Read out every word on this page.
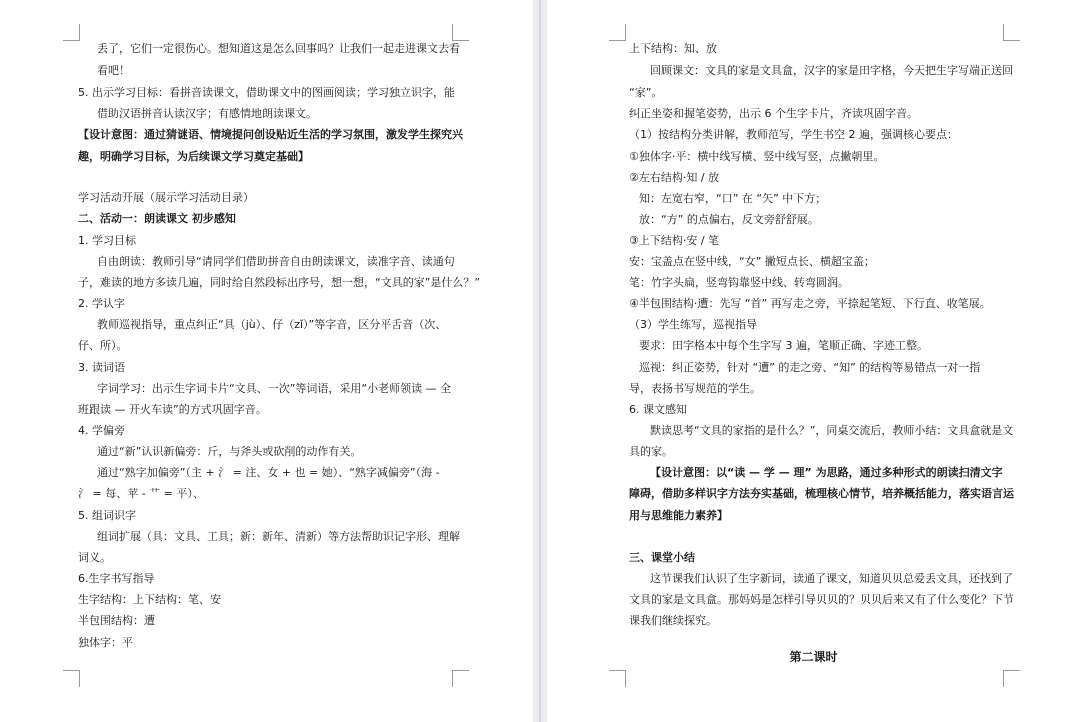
丢了，它们一定很伤心。想知道这是怎么回事吗？让我们一起走进课文去看
看吧！
5. 出示学习目标：看拼音读课文，借助课文中的图画阅读；学习独立识字，能
借助汉语拼音认读汉字；有感情地朗读课文。
【设计意图：通过猜谜语、情境提问创设贴近生活的学习氛围，激发学生探究兴
趣，明确学习目标，为后续课文学习奠定基础】
学习活动开展（展示学习活动目录）
二、活动一：朗读课文 初步感知
1. 学习目标
自由朗读：教师引导“请同学们借助拼音自由朗读课文，读准字音、读通句
子，难读的地方多读几遍，同时给自然段标出序号，想一想，“文具的家”是什么？”
2. 学认字
教师巡视指导，重点纠正“具（jù）、仔（zǐ）”等字音，区分平舌音（次、
仔、所）。
3. 读词语
字词学习：出示生字词卡片“文具、一次”等词语，采用“小老师领读 — 全
班跟读 — 开火车读”的方式巩固字音。
4. 学偏旁
通过“新”认识新偏旁：斤，与斧头或砍削的动作有关。
通过“熟字加偏旁”（主 + 氵 = 注、女 + 也 = 她）、“熟字减偏旁”（海 -
氵 = 每、苹 - 艹 = 平）、
5. 组词识字
组词扩展（具：文具、工具；新：新年、清新）等方法帮助识记字形、理解
词义。
6.生字书写指导
生字结构：上下结构：笔、安
半包围结构：遭
独体字：平
上下结构：知、放
回顾课文：文具的家是文具盒，汉字的家是田字格，今天把生字写端正送回
“家”。
纠正坐姿和握笔姿势，出示 6 个生字卡片，齐读巩固字音。
（1）按结构分类讲解，教师范写，学生书空 2 遍，强调核心要点：
①独体字·平：横中线写横、竖中线写竖，点撇朝里。
②左右结构·知 / 放
知：左宽右窄，“口” 在 “矢” 中下方；
放：“方” 的点偏右，反文旁舒舒展。
③上下结构·安 / 笔
安：宝盖点在竖中线，“女” 撇短点长、横超宝盖；
笔：竹字头扁，竖弯钩靠竖中线、转弯圆润。
④半包围结构·遭：先写 “首” 再写走之旁，平捺起笔短、下行直、收笔展。
（3）学生练写，巡视指导
要求：田字格本中每个生字写 3 遍，笔顺正确、字迹工整。
巡视：纠正姿势，针对 “遭” 的走之旁、“知” 的结构等易错点一对一指
导，表扬书写规范的学生。
6. 课文感知
默读思考“文具的家指的是什么？”，同桌交流后，教师小结：文具盒就是文
具的家。
【设计意图：以“读 — 学 — 理” 为思路，通过多种形式的朗读扫清文字
障碍，借助多样识字方法夯实基础，梳理核心情节，培养概括能力，落实语言运
用与思维能力素养】
三、课堂小结
这节课我们认识了生字新词，读通了课文，知道贝贝总爱丢文具，还找到了
文具的家是文具盒。那妈妈是怎样引导贝贝的？贝贝后来又有了什么变化？下节
课我们继续探究。
第二课时
